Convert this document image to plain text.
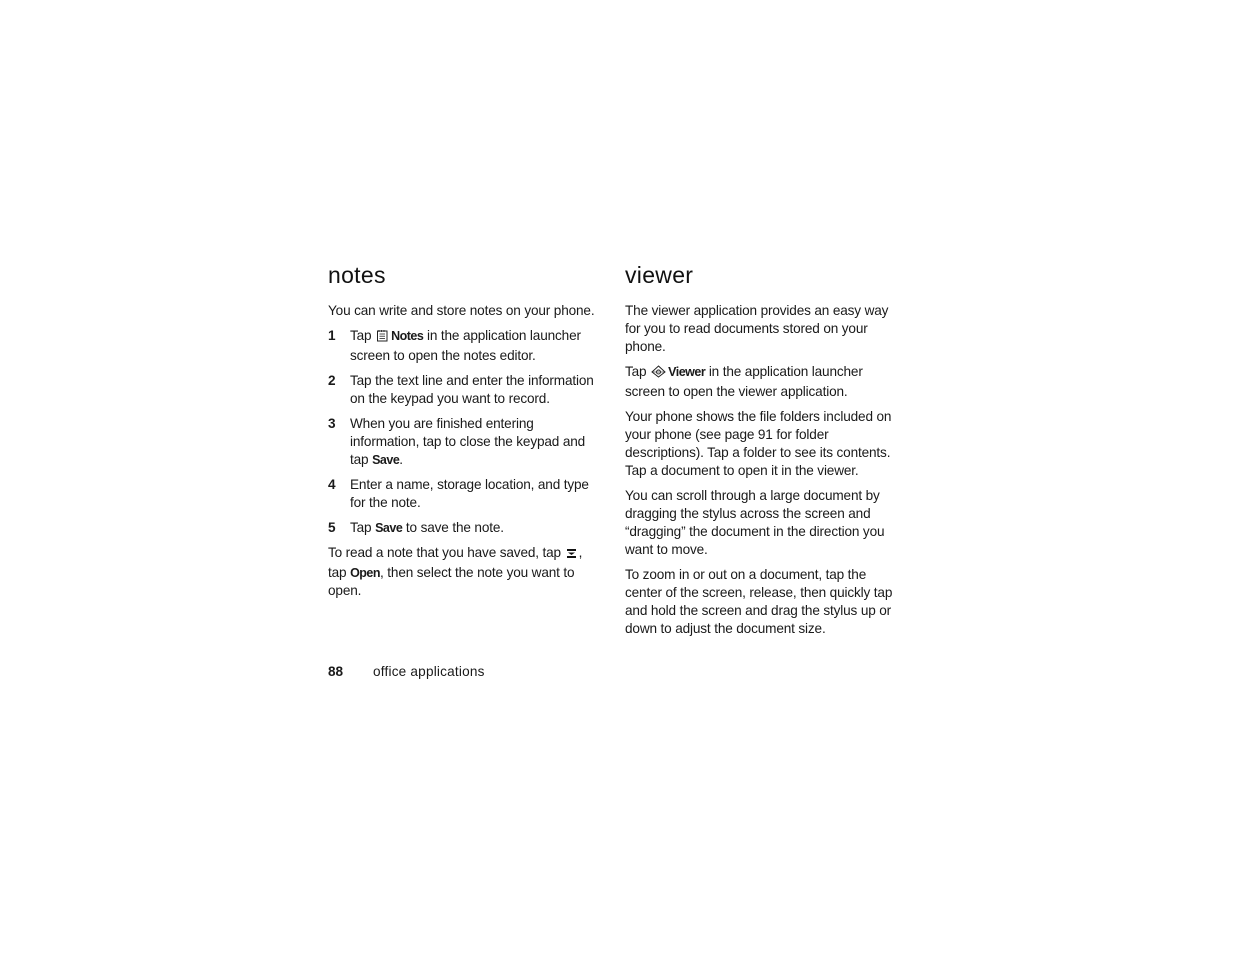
notes

You can write and store notes on your phone.

1	Tap Notes in the application launcher screen to open the notes editor.
2	Tap the text line and enter the information on the keypad you want to record.
3	When you are finished entering information, tap to close the keypad and tap Save.
4	Enter a name, storage location, and type for the note.
5	Tap Save to save the note.

To read a note that you have saved, tap , tap Open, then select the note you want to open.

viewer

The viewer application provides an easy way for you to read documents stored on your phone.

Tap Viewer in the application launcher screen to open the viewer application.

Your phone shows the file folders included on your phone (see page 91 for folder descriptions). Tap a folder to see its contents. Tap a document to open it in the viewer.

You can scroll through a large document by dragging the stylus across the screen and “dragging” the document in the direction you want to move.

To zoom in or out on a document, tap the center of the screen, release, then quickly tap and hold the screen and drag the stylus up or down to adjust the document size.

88 office applications
